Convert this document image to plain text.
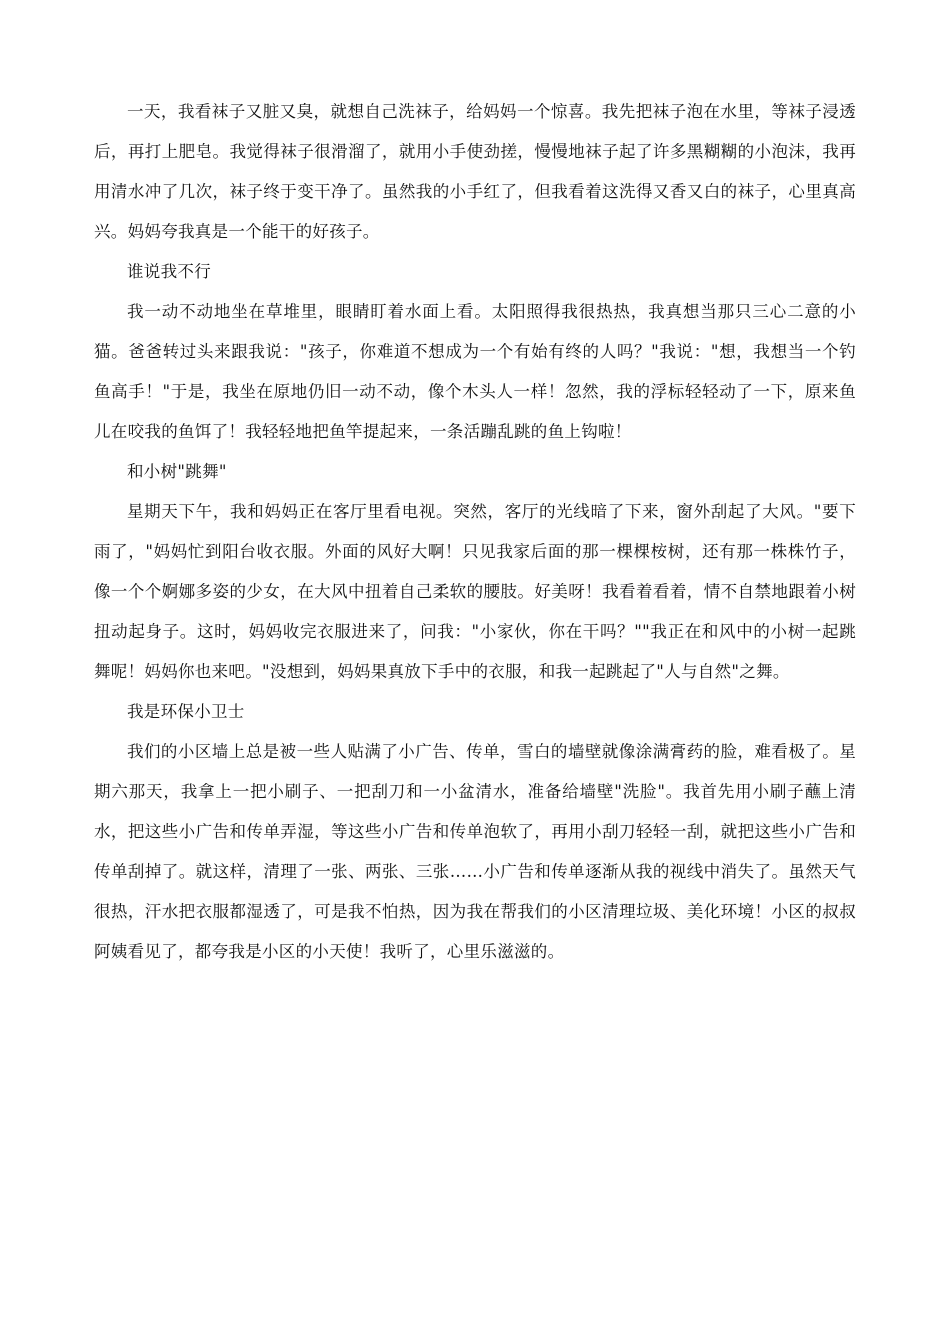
一天，我看袜子又脏又臭，就想自己洗袜子，给妈妈一个惊喜。我先把袜子泡在水里，等袜子浸透后，再打上肥皂。我觉得袜子很滑溜了，就用小手使劲搓，慢慢地袜子起了许多黑糊糊的小泡沫，我再用清水冲了几次，袜子终于变干净了。虽然我的小手红了，但我看着这洗得又香又白的袜子，心里真高兴。妈妈夸我真是一个能干的好孩子。

谁说我不行

我一动不动地坐在草堆里，眼睛盯着水面上看。太阳照得我很热热，我真想当那只三心二意的小猫。爸爸转过头来跟我说："孩子，你难道不想成为一个有始有终的人吗？"我说："想，我想当一个钓鱼高手！"于是，我坐在原地仍旧一动不动，像个木头人一样！忽然，我的浮标轻轻动了一下，原来鱼儿在咬我的鱼饵了！我轻轻地把鱼竿提起来，一条活蹦乱跳的鱼上钩啦！

和小树"跳舞"

星期天下午，我和妈妈正在客厅里看电视。突然，客厅的光线暗了下来，窗外刮起了大风。"要下雨了，"妈妈忙到阳台收衣服。外面的风好大啊！只见我家后面的那一棵棵桉树，还有那一株株竹子，像一个个婀娜多姿的少女，在大风中扭着自己柔软的腰肢。好美呀！我看着看着，情不自禁地跟着小树扭动起身子。这时，妈妈收完衣服进来了，问我："小家伙，你在干吗？""我正在和风中的小树一起跳舞呢！妈妈你也来吧。"没想到，妈妈果真放下手中的衣服，和我一起跳起了"人与自然"之舞。

我是环保小卫士

我们的小区墙上总是被一些人贴满了小广告、传单，雪白的墙壁就像涂满膏药的脸，难看极了。星期六那天，我拿上一把小刷子、一把刮刀和一小盆清水，准备给墙壁"洗脸"。我首先用小刷子蘸上清水，把这些小广告和传单弄湿，等这些小广告和传单泡软了，再用小刮刀轻轻一刮，就把这些小广告和传单刮掉了。就这样，清理了一张、两张、三张……小广告和传单逐渐从我的视线中消失了。虽然天气很热，汗水把衣服都湿透了，可是我不怕热，因为我在帮我们的小区清理垃圾、美化环境！小区的叔叔阿姨看见了，都夸我是小区的小天使！我听了，心里乐滋滋的。
